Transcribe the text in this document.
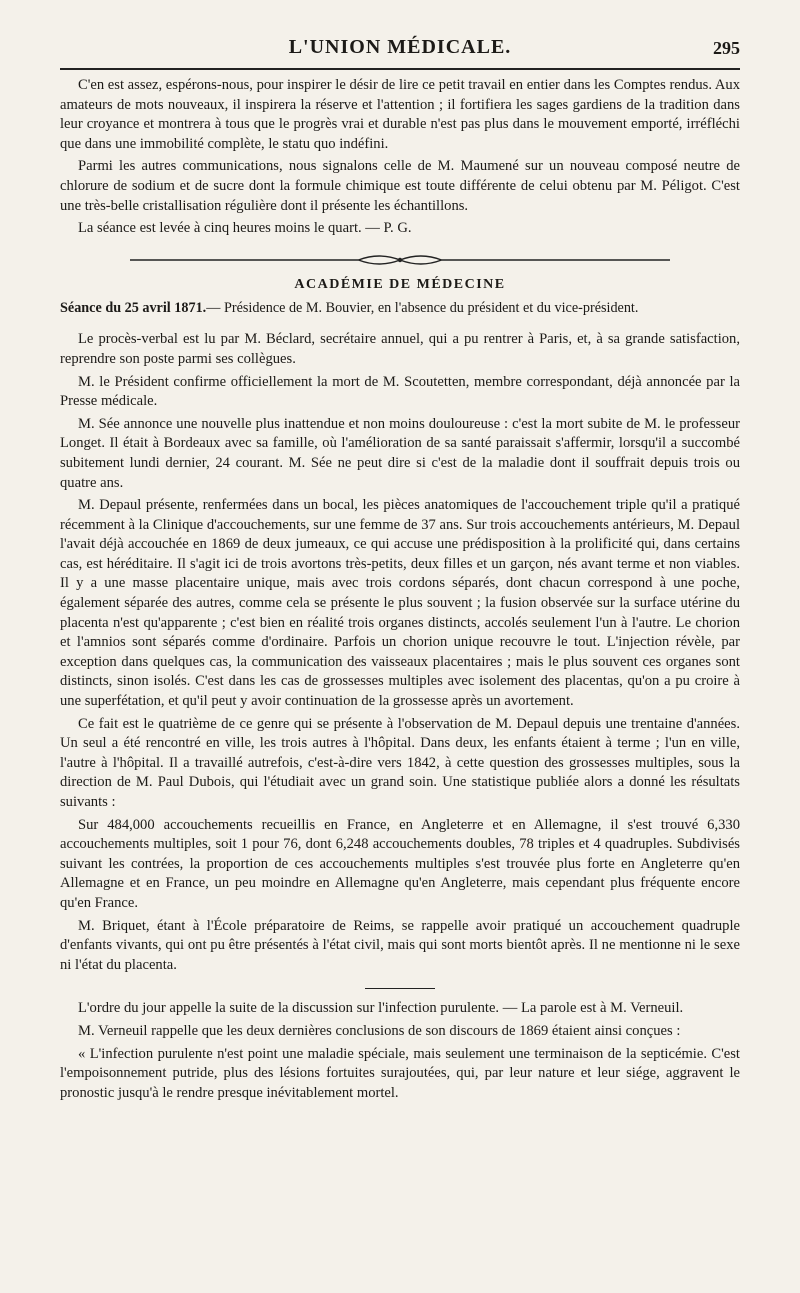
L'UNION MÉDICALE.	295

C'en est assez, espérons-nous, pour inspirer le désir de lire ce petit travail en entier dans les Comptes rendus. Aux amateurs de mots nouveaux, il inspirera la réserve et l'attention ; il fortifiera les sages gardiens de la tradition dans leur croyance et montrera à tous que le progrès vrai et durable n'est pas plus dans le mouvement emporté, irréfléchi que dans une immobilité complète, le statu quo indéfini.

Parmi les autres communications, nous signalons celle de M. Maumené sur un nouveau composé neutre de chlorure de sodium et de sucre dont la formule chimique est toute différente de celui obtenu par M. Péligot. C'est une très-belle cristallisation régulière dont il présente les échantillons.

La séance est levée à cinq heures moins le quart. — P. G.

ACADÉMIE DE MÉDECINE

Séance du 25 avril 1871.— Présidence de M. Bouvier, en l'absence du président et du vice-président.

Le procès-verbal est lu par M. Béclard, secrétaire annuel, qui a pu rentrer à Paris, et, à sa grande satisfaction, reprendre son poste parmi ses collègues.

M. le Président confirme officiellement la mort de M. Scoutetten, membre correspondant, déjà annoncée par la Presse médicale.

M. Sée annonce une nouvelle plus inattendue et non moins douloureuse : c'est la mort subite de M. le professeur Longet. Il était à Bordeaux avec sa famille, où l'amélioration de sa santé paraissait s'affermir, lorsqu'il a succombé subitement lundi dernier, 24 courant. M. Sée ne peut dire si c'est de la maladie dont il souffrait depuis trois ou quatre ans.

M. Depaul présente, renfermées dans un bocal, les pièces anatomiques de l'accouchement triple qu'il a pratiqué récemment à la Clinique d'accouchements, sur une femme de 37 ans. Sur trois accouchements antérieurs, M. Depaul l'avait déjà accouchée en 1869 de deux jumeaux, ce qui accuse une prédisposition à la prolificité qui, dans certains cas, est héréditaire. Il s'agit ici de trois avortons très-petits, deux filles et un garçon, nés avant terme et non viables. Il y a une masse placentaire unique, mais avec trois cordons séparés, dont chacun correspond à une poche, également séparée des autres, comme cela se présente le plus souvent ; la fusion observée sur la surface utérine du placenta n'est qu'apparente ; c'est bien en réalité trois organes distincts, accolés seulement l'un à l'autre. Le chorion et l'amnios sont séparés comme d'ordinaire. Parfois un chorion unique recouvre le tout. L'injection révèle, par exception dans quelques cas, la communication des vaisseaux placentaires ; mais le plus souvent ces organes sont distincts, sinon isolés. C'est dans les cas de grossesses multiples avec isolement des placentas, qu'on a pu croire à une superfétation, et qu'il peut y avoir continuation de la grossesse après un avortement.

Ce fait est le quatrième de ce genre qui se présente à l'observation de M. Depaul depuis une trentaine d'années. Un seul a été rencontré en ville, les trois autres à l'hôpital. Dans deux, les enfants étaient à terme ; l'un en ville, l'autre à l'hôpital. Il a travaillé autrefois, c'est-à-dire vers 1842, à cette question des grossesses multiples, sous la direction de M. Paul Dubois, qui l'étudiait avec un grand soin. Une statistique publiée alors a donné les résultats suivants :

Sur 484,000 accouchements recueillis en France, en Angleterre et en Allemagne, il s'est trouvé 6,330 accouchements multiples, soit 1 pour 76, dont 6,248 accouchements doubles, 78 triples et 4 quadruples. Subdivisés suivant les contrées, la proportion de ces accouchements multiples s'est trouvée plus forte en Angleterre qu'en Allemagne et en France, un peu moindre en Allemagne qu'en Angleterre, mais cependant plus fréquente encore qu'en France.

M. Briquet, étant à l'École préparatoire de Reims, se rappelle avoir pratiqué un accouchement quadruple d'enfants vivants, qui ont pu être présentés à l'état civil, mais qui sont morts bientôt après. Il ne mentionne ni le sexe ni l'état du placenta.

L'ordre du jour appelle la suite de la discussion sur l'infection purulente. — La parole est à M. Verneuil.

M. Verneuil rappelle que les deux dernières conclusions de son discours de 1869 étaient ainsi conçues :

« L'infection purulente n'est point une maladie spéciale, mais seulement une terminaison de la septicémie. C'est l'empoisonnement putride, plus des lésions fortuites surajoutées, qui, par leur nature et leur siége, aggravent le pronostic jusqu'à le rendre presque inévitablement mortel.
